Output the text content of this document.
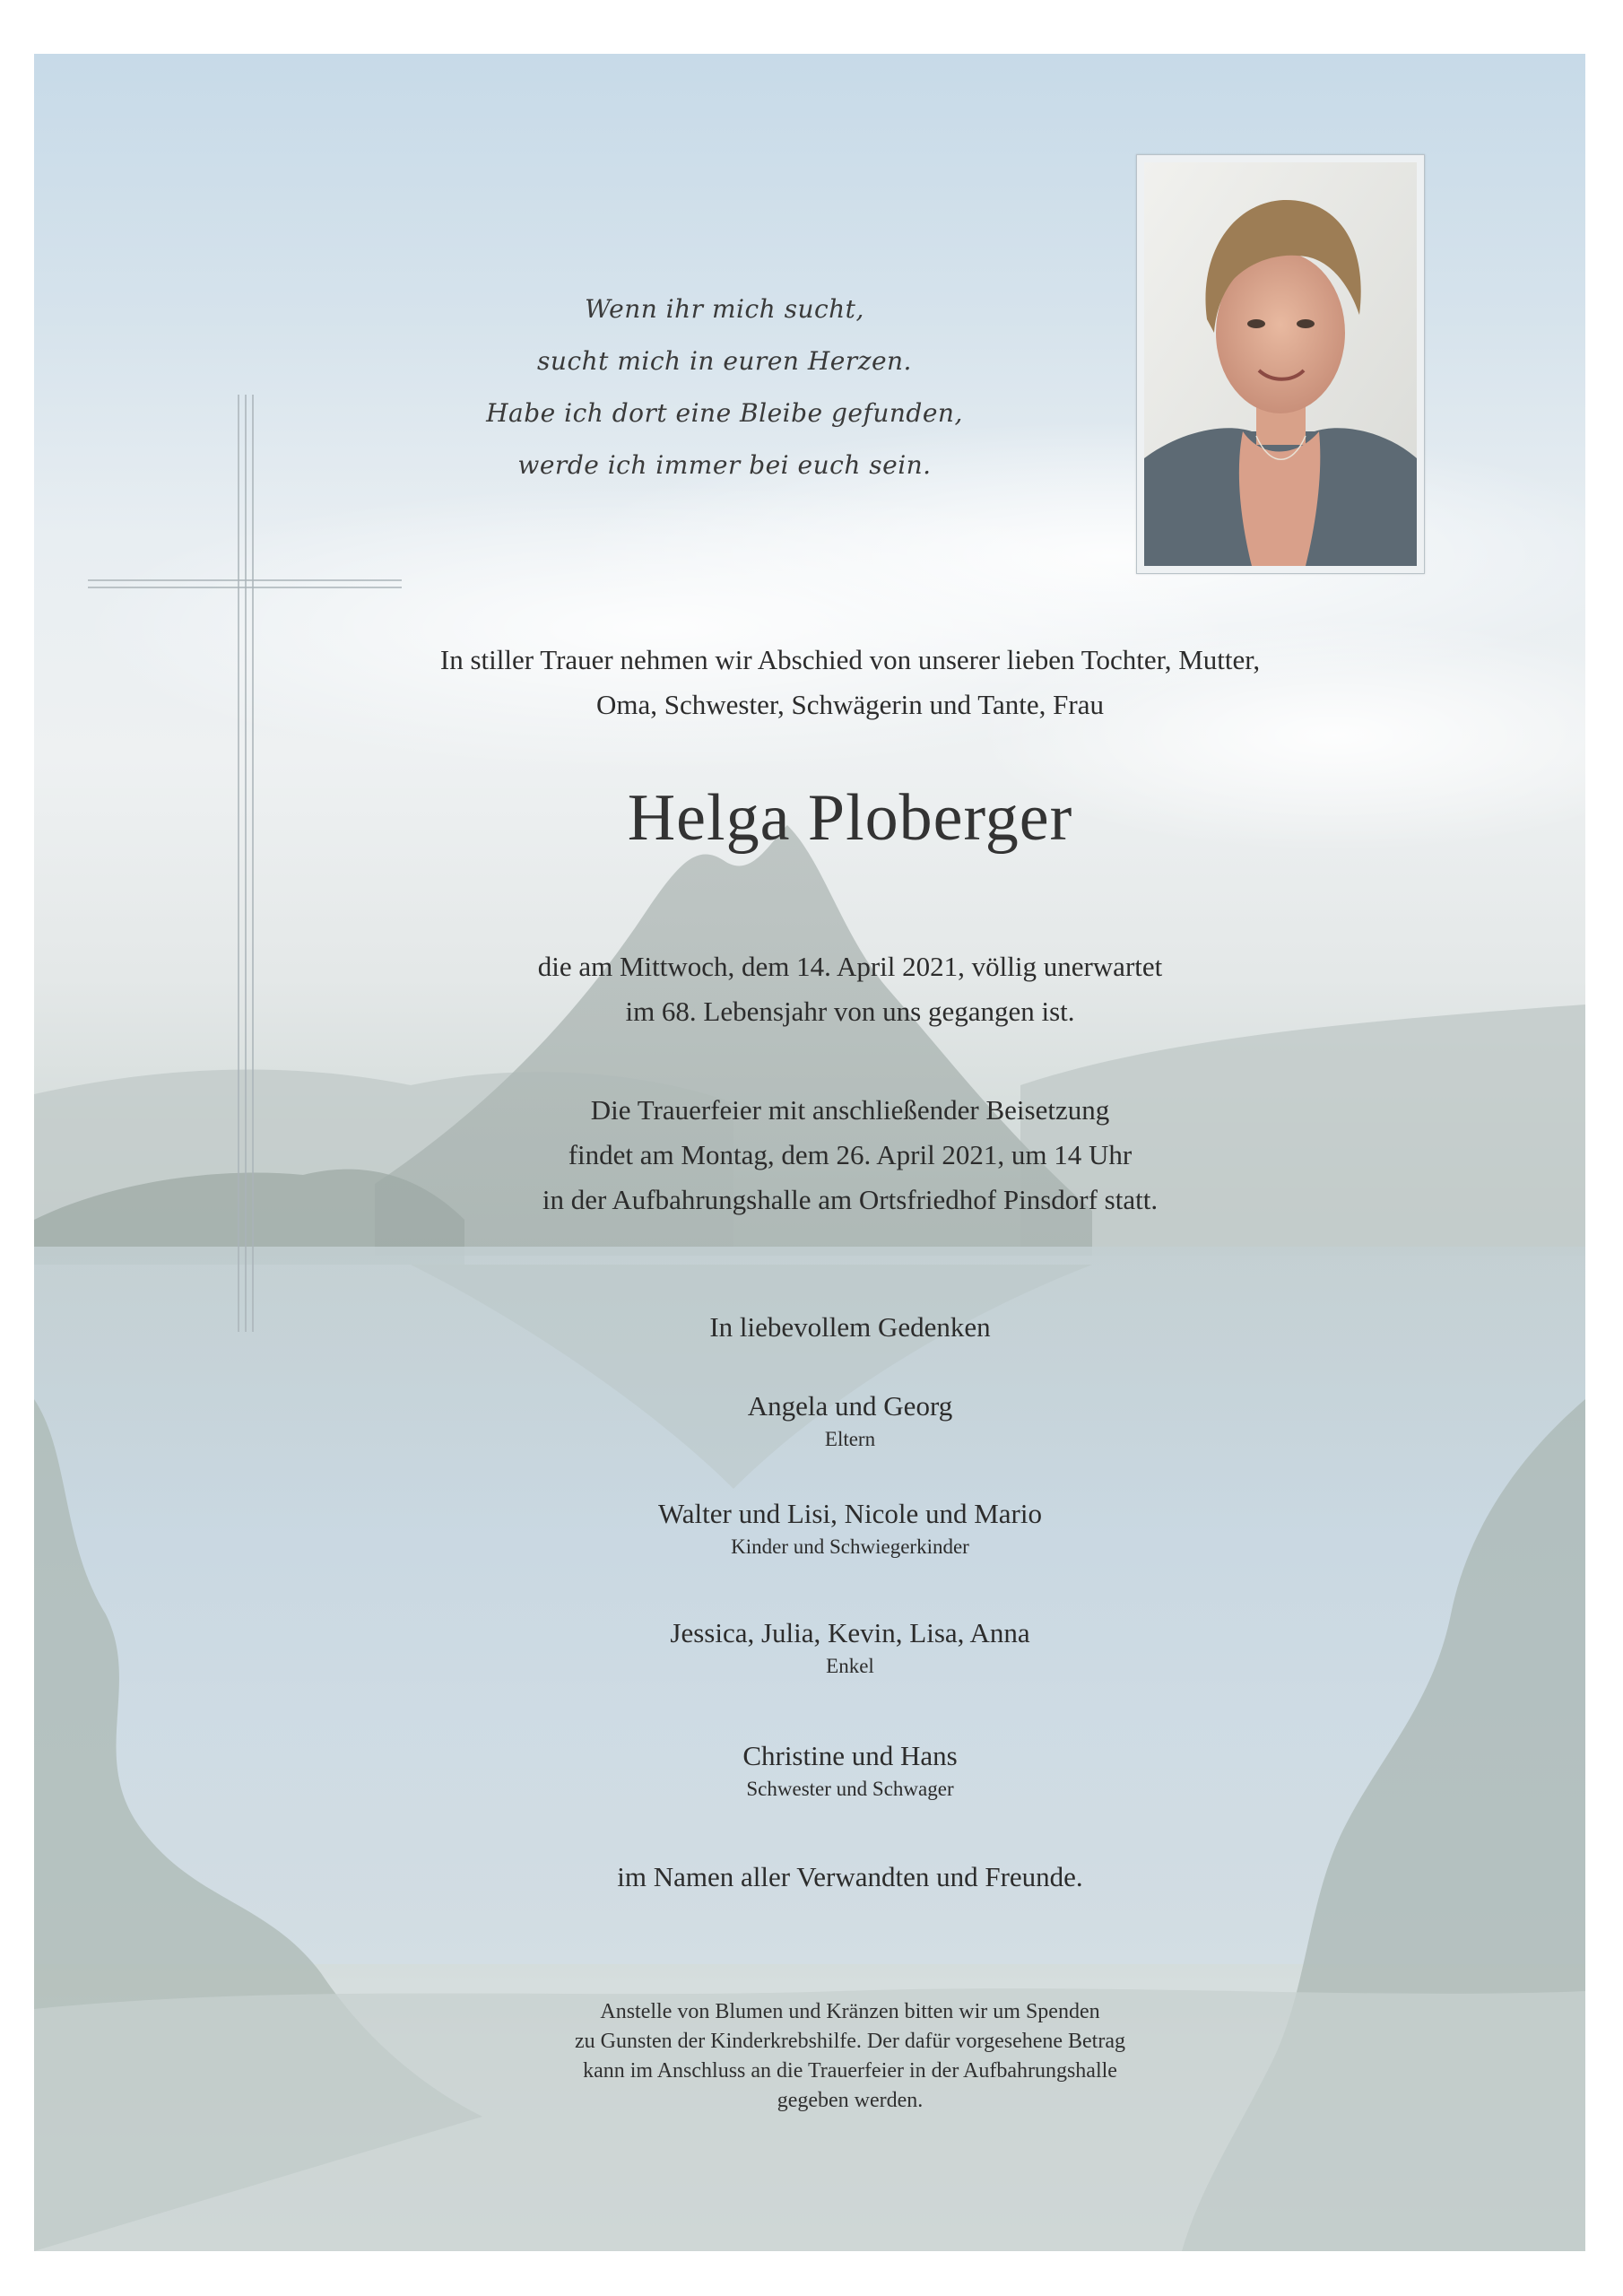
Wenn ihr mich sucht,
sucht mich in euren Herzen.
Habe ich dort eine Bleibe gefunden,
werde ich immer bei euch sein.
In stiller Trauer nehmen wir Abschied von unserer lieben Tochter, Mutter,
Oma, Schwester, Schwägerin und Tante, Frau
Helga Ploberger
die am Mittwoch, dem 14. April 2021, völlig unerwartet
im 68. Lebensjahr von uns gegangen ist.
Die Trauerfeier mit anschließender Beisetzung
findet am Montag, dem 26. April 2021, um 14 Uhr
in der Aufbahrungshalle am Ortsfriedhof Pinsdorf statt.
In liebevollem Gedenken
Angela und Georg
Eltern
Walter und Lisi, Nicole und Mario
Kinder und Schwiegerkinder
Jessica, Julia, Kevin, Lisa, Anna
Enkel
Christine und Hans
Schwester und Schwager
im Namen aller Verwandten und Freunde.
Anstelle von Blumen und Kränzen bitten wir um Spenden
zu Gunsten der Kinderkrebshilfe. Der dafür vorgesehene Betrag
kann im Anschluss an die Trauerfeier in der Aufbahrungshalle
gegeben werden.
